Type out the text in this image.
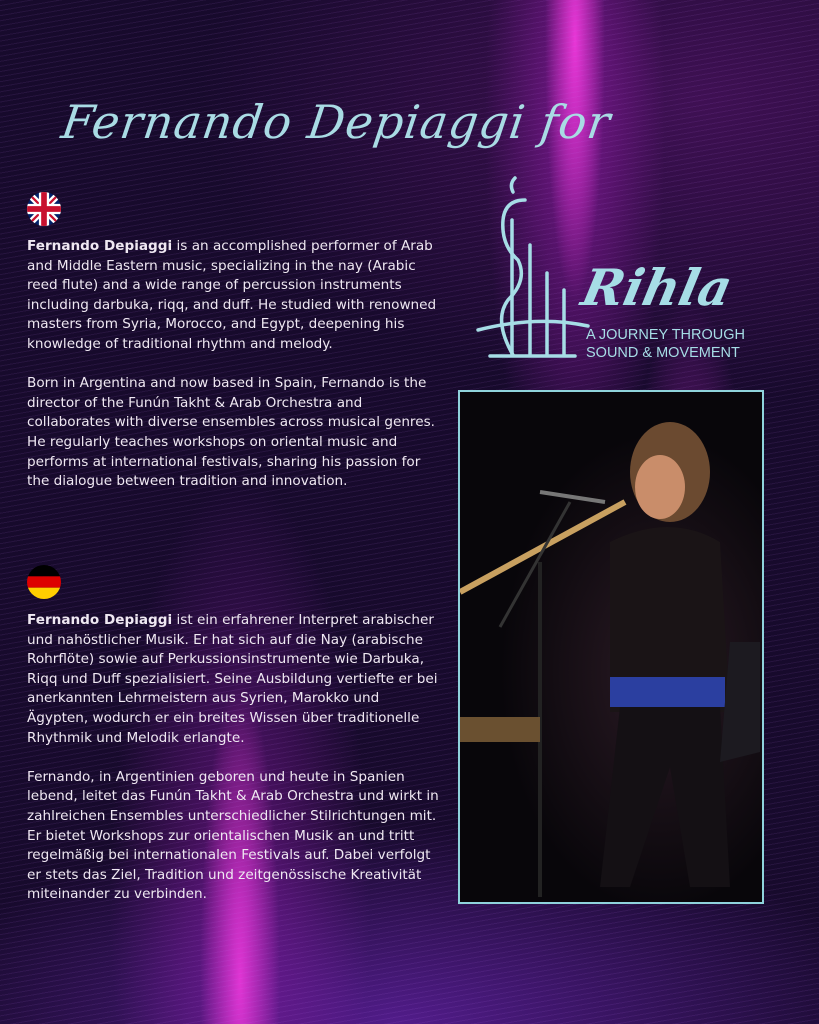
Fernando Depiaggi for

Fernando Depiaggi is an accomplished performer of Arab and Middle Eastern music, specializing in the nay (Arabic reed flute) and a wide range of percussion instruments including darbuka, riqq, and duff. He studied with renowned masters from Syria, Morocco, and Egypt, deepening his knowledge of traditional rhythm and melody.

Born in Argentina and now based in Spain, Fernando is the director of the Funún Takht & Arab Orchestra and collaborates with diverse ensembles across musical genres. He regularly teaches workshops on oriental music and performs at international festivals, sharing his passion for the dialogue between tradition and innovation.

Fernando Depiaggi ist ein erfahrener Interpret arabischer und nahöstlicher Musik. Er hat sich auf die Nay (arabische Rohrflöte) sowie auf Perkussionsinstrumente wie Darbuka, Riqq und Duff spezialisiert. Seine Ausbildung vertiefte er bei anerkannten Lehrmeistern aus Syrien, Marokko und Ägypten, wodurch er ein breites Wissen über traditionelle Rhythmik und Melodik erlangte.

Fernando, in Argentinien geboren und heute in Spanien lebend, leitet das Funún Takht & Arab Orchestra und wirkt in zahlreichen Ensembles unterschiedlicher Stilrichtungen mit. Er bietet Workshops zur orientalischen Musik an und tritt regelmäßig bei internationalen Festivals auf. Dabei verfolgt er stets das Ziel, Tradition und zeitgenössische Kreativität miteinander zu verbinden.

Rihla
A JOURNEY THROUGH
SOUND & MOVEMENT
